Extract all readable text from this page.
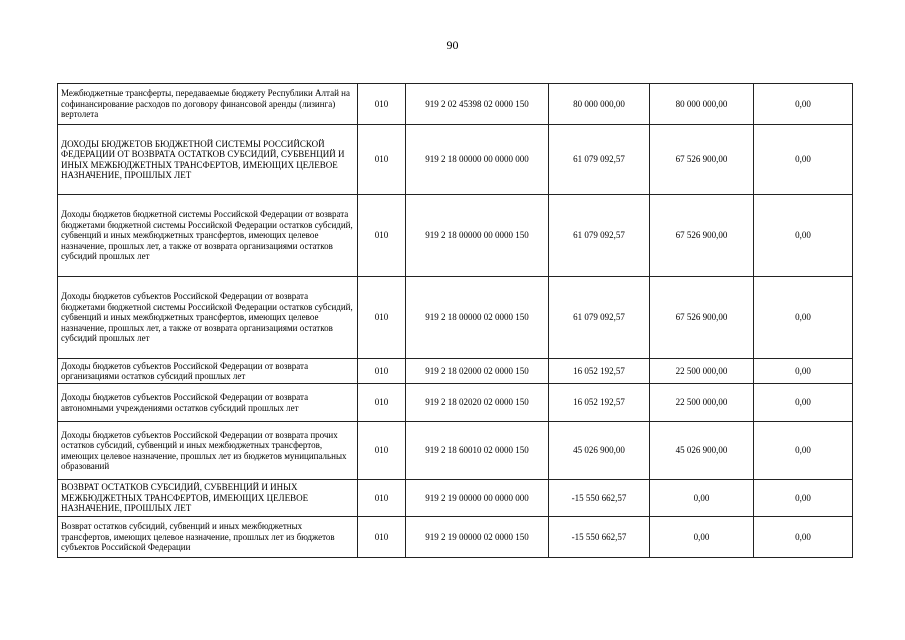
90
Межбюджетные трансферты, передаваемые бюджету Республики Алтай на софинансирование расходов по договору финансовой аренды (лизинга) вертолета	010	919 2 02 45398 02 0000 150	80 000 000,00	80 000 000,00	0,00
ДОХОДЫ БЮДЖЕТОВ БЮДЖЕТНОЙ СИСТЕМЫ РОССИЙСКОЙ ФЕДЕРАЦИИ ОТ ВОЗВРАТА ОСТАТКОВ СУБСИДИЙ, СУБВЕНЦИЙ И ИНЫХ МЕЖБЮДЖЕТНЫХ ТРАНСФЕРТОВ, ИМЕЮЩИХ ЦЕЛЕВОЕ НАЗНАЧЕНИЕ, ПРОШЛЫХ ЛЕТ	010	919 2 18 00000 00 0000 000	61 079 092,57	67 526 900,00	0,00
Доходы бюджетов бюджетной системы Российской Федерации от возврата бюджетами бюджетной системы Российской Федерации остатков субсидий, субвенций и иных межбюджетных трансфертов, имеющих целевое назначение, прошлых лет, а также от возврата организациями остатков субсидий прошлых лет	010	919 2 18 00000 00 0000 150	61 079 092,57	67 526 900,00	0,00
Доходы бюджетов субъектов Российской Федерации от возврата бюджетами бюджетной системы Российской Федерации остатков субсидий, субвенций и иных межбюджетных трансфертов, имеющих целевое назначение, прошлых лет, а также от возврата организациями остатков субсидий прошлых лет	010	919 2 18 00000 02 0000 150	61 079 092,57	67 526 900,00	0,00
Доходы бюджетов субъектов Российской Федерации от возврата организациями остатков субсидий прошлых лет	010	919 2 18 02000 02 0000 150	16 052 192,57	22 500 000,00	0,00
Доходы бюджетов субъектов Российской Федерации от возврата автономными учреждениями остатков субсидий прошлых лет	010	919 2 18 02020 02 0000 150	16 052 192,57	22 500 000,00	0,00
Доходы бюджетов субъектов Российской Федерации от возврата прочих остатков субсидий, субвенций и иных межбюджетных трансфертов, имеющих целевое назначение, прошлых лет из бюджетов муниципальных образований	010	919 2 18 60010 02 0000 150	45 026 900,00	45 026 900,00	0,00
ВОЗВРАТ ОСТАТКОВ СУБСИДИЙ, СУБВЕНЦИЙ И ИНЫХ МЕЖБЮДЖЕТНЫХ ТРАНСФЕРТОВ, ИМЕЮЩИХ ЦЕЛЕВОЕ НАЗНАЧЕНИЕ, ПРОШЛЫХ ЛЕТ	010	919 2 19 00000 00 0000 000	-15 550 662,57	0,00	0,00
Возврат остатков субсидий, субвенций и иных межбюджетных трансфертов, имеющих целевое назначение, прошлых лет из бюджетов субъектов Российской Федерации	010	919 2 19 00000 02 0000 150	-15 550 662,57	0,00	0,00
